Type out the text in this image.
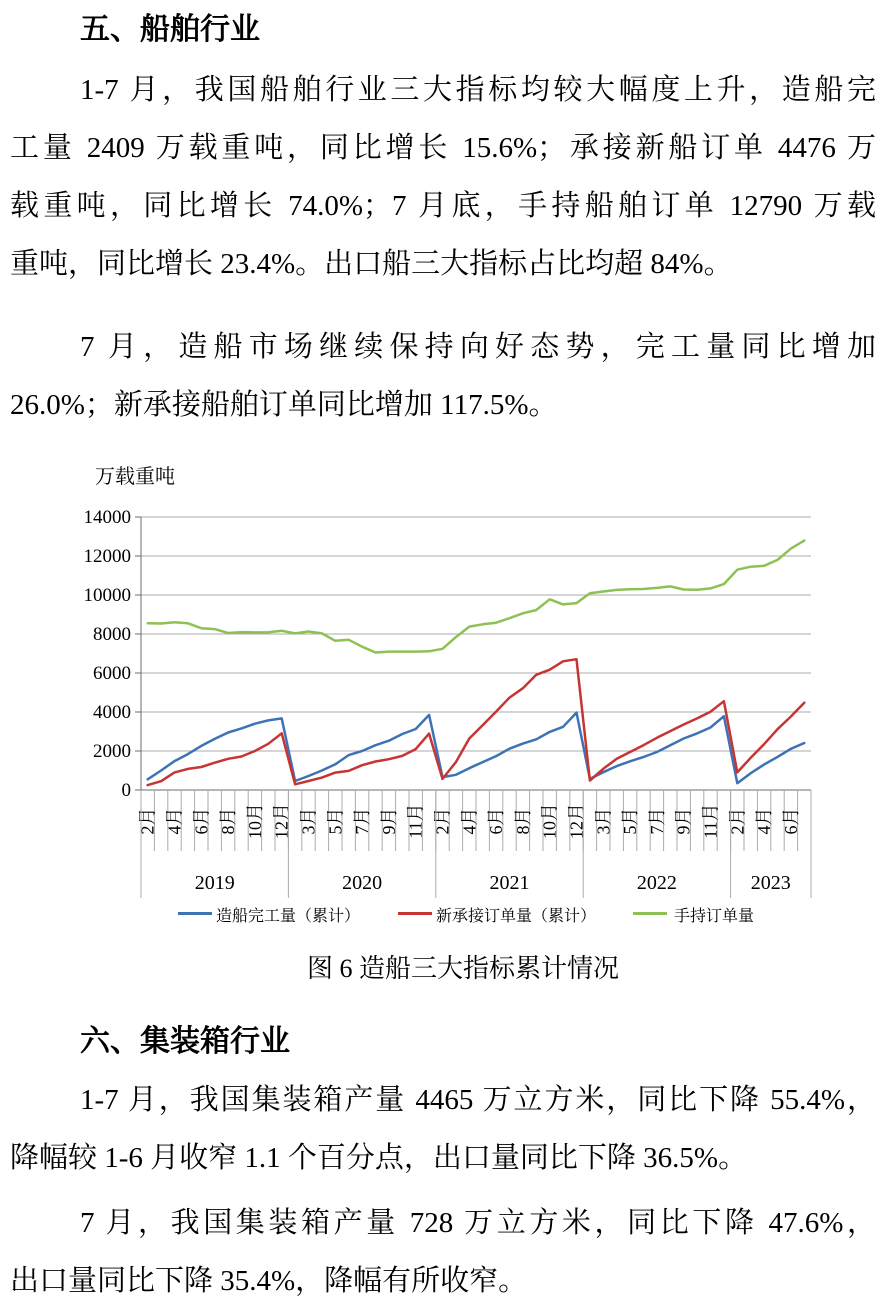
五、船舶行业
1-7 月，我国船舶行业三大指标均较大幅度上升，造船完
工量 2409 万载重吨，同比增长 15.6%；承接新船订单 4476 万
载重吨，同比增长 74.0%；7 月底，手持船舶订单 12790 万载
重吨，同比增长 23.4%。出口船三大指标占比均超 84%。
7 月，造船市场继续保持向好态势，完工量同比增加
26.0%；新承接船舶订单同比增加 117.5%。
1-7 月，我国集装箱产量 4465 万立方米，同比下降 55.4%，
降幅较 1-6 月收窄 1.1 个百分点，出口量同比下降 36.5%。
7 月，我国集装箱产量 728 万立方米，同比下降 47.6%，
出口量同比下降 35.4%，降幅有所收窄。
万载重吨
0
2000
4000
6000
8000
10000
12000
14000
2月 4月 6月 8月 10月 12月 3月 5月 7月 9月 11月 2月 4月 6月 8月 10月 12月 3月 5月 7月 9月 11月 2月 4月 6月
2019	2020	2021	2022	2023
造船完工量（累计）	新承接订单量（累计）	手持订单量
图 6 造船三大指标累计情况
六、集装箱行业
